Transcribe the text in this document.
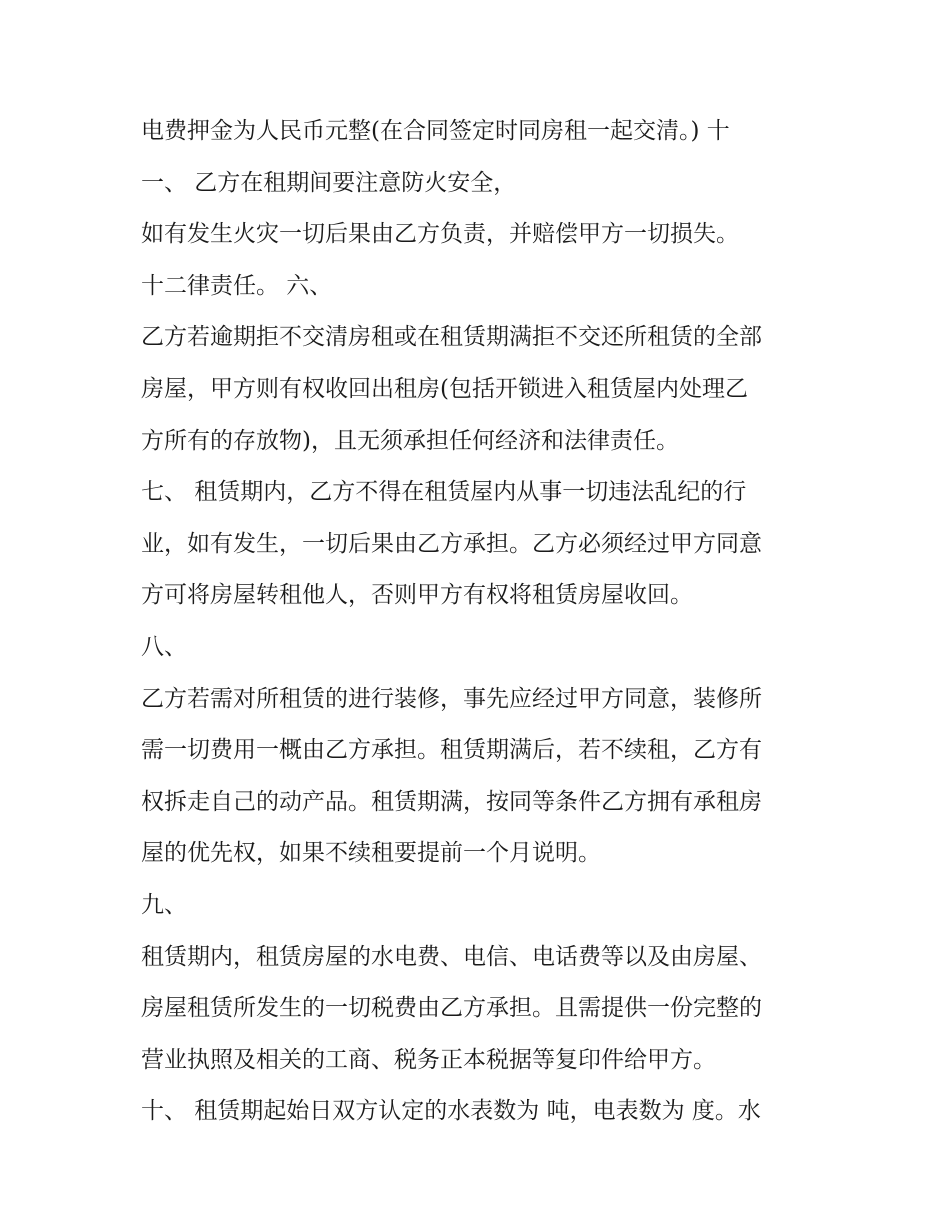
电费押金为人民币元整(在合同签定时同房租一起交清。) 十
一、 乙方在租期间要注意防火安全，
如有发生火灾一切后果由乙方负责，并赔偿甲方一切损失。
十二律责任。 六、
乙方若逾期拒不交清房租或在租赁期满拒不交还所租赁的全部
房屋，甲方则有权收回出租房(包括开锁进入租赁屋内处理乙
方所有的存放物)，且无须承担任何经济和法律责任。
七、 租赁期内，乙方不得在租赁屋内从事一切违法乱纪的行
业，如有发生，一切后果由乙方承担。乙方必须经过甲方同意
方可将房屋转租他人，否则甲方有权将租赁房屋收回。
八、
乙方若需对所租赁的进行装修，事先应经过甲方同意，装修所
需一切费用一概由乙方承担。租赁期满后，若不续租，乙方有
权拆走自己的动产品。租赁期满，按同等条件乙方拥有承租房
屋的优先权，如果不续租要提前一个月说明。
九、
租赁期内，租赁房屋的水电费、电信、电话费等以及由房屋、
房屋租赁所发生的一切税费由乙方承担。且需提供一份完整的
营业执照及相关的工商、税务正本税据等复印件给甲方。
十、 租赁期起始日双方认定的水表数为 吨，电表数为 度。水
